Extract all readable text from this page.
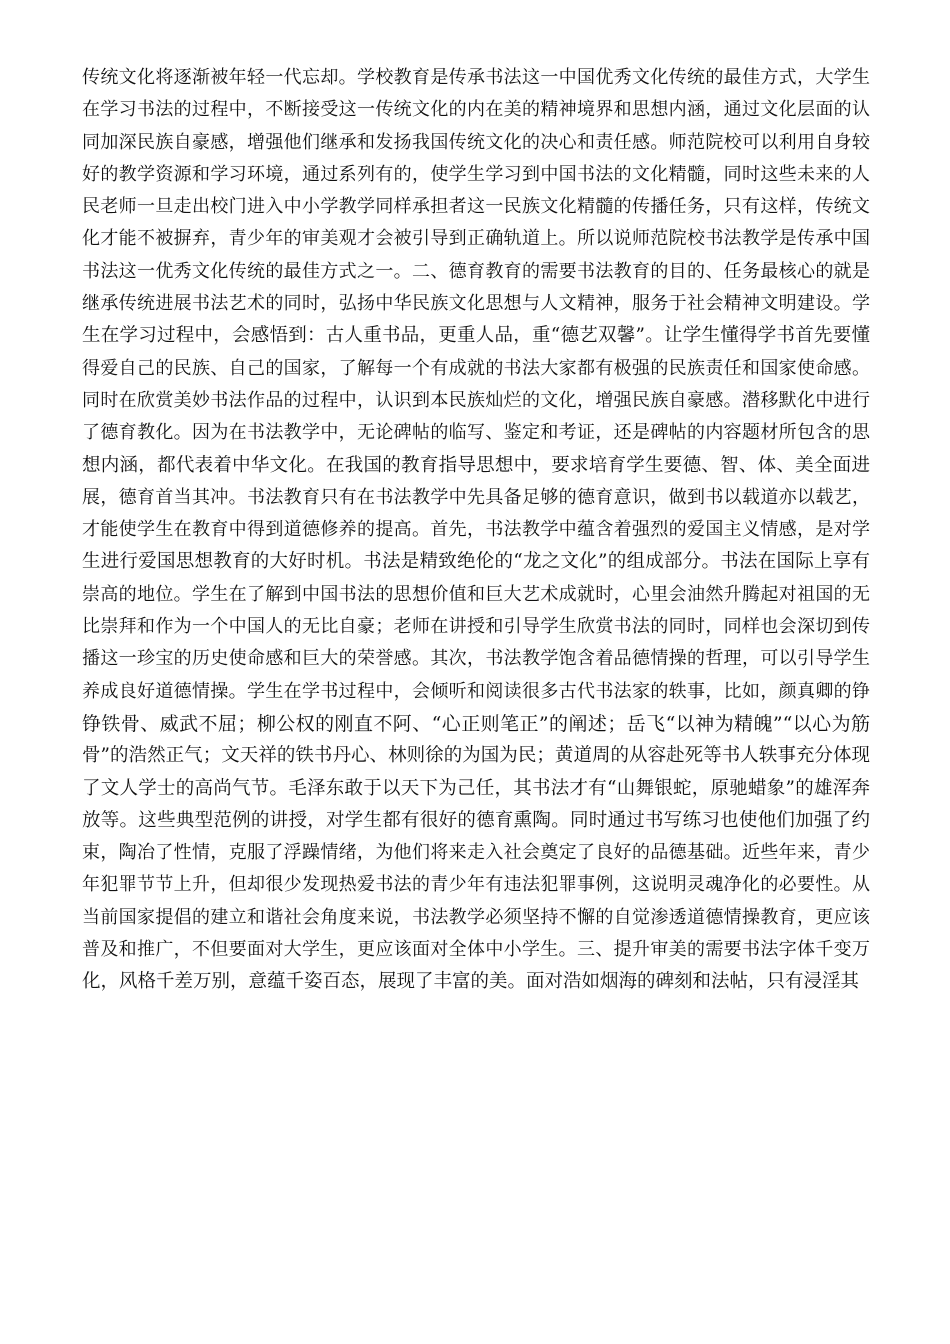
传统文化将逐渐被年轻一代忘却。学校教育是传承书法这一中国优秀文化传统的最佳方式，大学生
在学习书法的过程中，不断接受这一传统文化的内在美的精神境界和思想内涵，通过文化层面的认
同加深民族自豪感，增强他们继承和发扬我国传统文化的决心和责任感。师范院校可以利用自身较
好的教学资源和学习环境，通过系列有的，使学生学习到中国书法的文化精髓，同时这些未来的人
民老师一旦走出校门进入中小学教学同样承担者这一民族文化精髓的传播任务，只有这样，传统文
化才能不被摒弃，青少年的审美观才会被引导到正确轨道上。所以说师范院校书法教学是传承中国
书法这一优秀文化传统的最佳方式之一。二、德育教育的需要书法教育的目的、任务最核心的就是
继承传统进展书法艺术的同时，弘扬中华民族文化思想与人文精神，服务于社会精神文明建设。学
生在学习过程中，会感悟到：古人重书品，更重人品，重“德艺双馨”。让学生懂得学书首先要懂
得爱自己的民族、自己的国家，了解每一个有成就的书法大家都有极强的民族责任和国家使命感。
同时在欣赏美妙书法作品的过程中，认识到本民族灿烂的文化，增强民族自豪感。潜移默化中进行
了德育教化。因为在书法教学中，无论碑帖的临写、鉴定和考证，还是碑帖的内容题材所包含的思
想内涵，都代表着中华文化。在我国的教育指导思想中，要求培育学生要德、智、体、美全面进
展，德育首当其冲。书法教育只有在书法教学中先具备足够的德育意识，做到书以载道亦以载艺，
才能使学生在教育中得到道德修养的提高。首先，书法教学中蕴含着强烈的爱国主义情感，是对学
生进行爱国思想教育的大好时机。书法是精致绝伦的“龙之文化”的组成部分。书法在国际上享有
崇高的地位。学生在了解到中国书法的思想价值和巨大艺术成就时，心里会油然升腾起对祖国的无
比崇拜和作为一个中国人的无比自豪；老师在讲授和引导学生欣赏书法的同时，同样也会深切到传
播这一珍宝的历史使命感和巨大的荣誉感。其次，书法教学饱含着品德情操的哲理，可以引导学生
养成良好道德情操。学生在学书过程中，会倾听和阅读很多古代书法家的轶事，比如，颜真卿的铮
铮铁骨、威武不屈；柳公权的刚直不阿、“心正则笔正”的阐述；岳飞“以神为精魄”“以心为筋
骨”的浩然正气；文天祥的铁书丹心、林则徐的为国为民；黄道周的从容赴死等书人轶事充分体现
了文人学士的高尚气节。毛泽东敢于以天下为己任，其书法才有“山舞银蛇，原驰蜡象”的雄浑奔
放等。这些典型范例的讲授，对学生都有很好的德育熏陶。同时通过书写练习也使他们加强了约
束，陶冶了性情，克服了浮躁情绪，为他们将来走入社会奠定了良好的品德基础。近些年来，青少
年犯罪节节上升，但却很少发现热爱书法的青少年有违法犯罪事例，这说明灵魂净化的必要性。从
当前国家提倡的建立和谐社会角度来说，书法教学必须坚持不懈的自觉渗透道德情操教育，更应该
普及和推广，不但要面对大学生，更应该面对全体中小学生。三、提升审美的需要书法字体千变万
化，风格千差万别，意蕴千姿百态，展现了丰富的美。面对浩如烟海的碑刻和法帖，只有浸淫其
